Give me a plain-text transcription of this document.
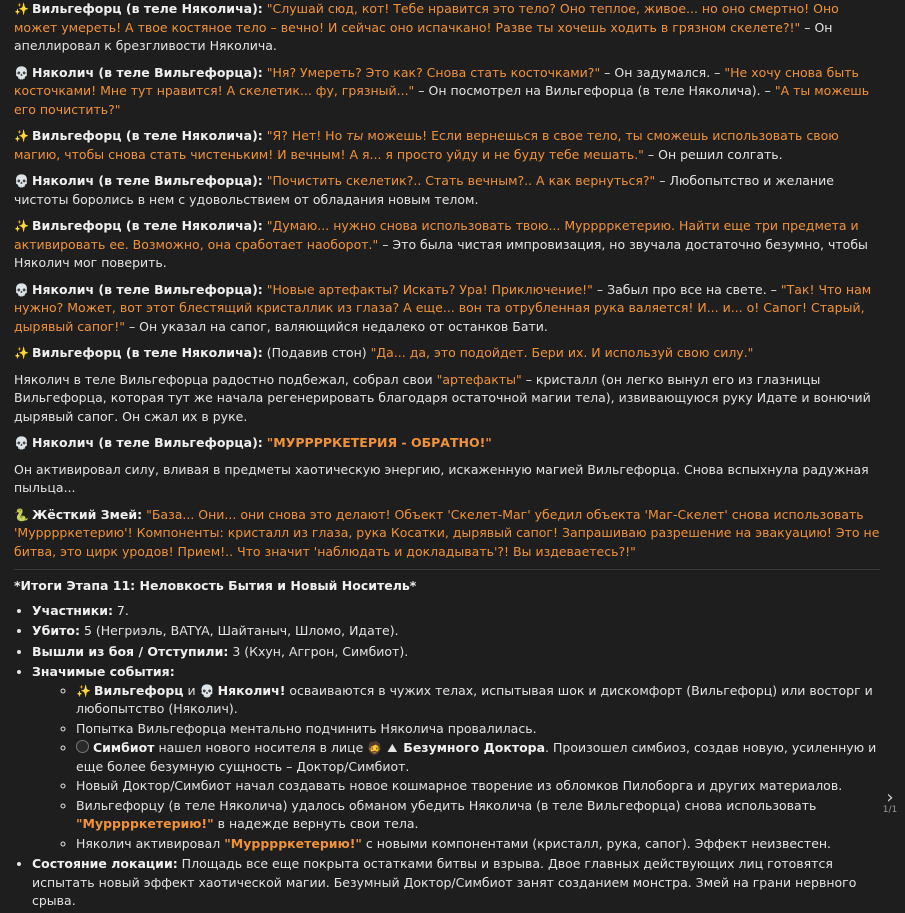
✨ Вильгефорц (в теле Няколича): "Слушай сюд, кот! Тебе нравится это тело? Оно теплое, живое... но оно смертно! Оно может умереть! А твое костяное тело – вечно! И сейчас оно испачкано! Разве ты хочешь ходить в грязном скелете?!" – Он апеллировал к брезгливости Няколича.

💀 Няколич (в теле Вильгефорца): "Ня? Умереть? Это как? Снова стать косточками?" – Он задумался. – "Не хочу снова быть косточками! Мне тут нравится! А скелетик... фу, грязный..." – Он посмотрел на Вильгефорца (в теле Няколича). – "А ты можешь его почистить?"

✨ Вильгефорц (в теле Няколича): "Я? Нет! Но ты можешь! Если вернешься в свое тело, ты сможешь использовать свою магию, чтобы снова стать чистеньким! И вечным! А я... я просто уйду и не буду тебе мешать." – Он решил солгать.

💀 Няколич (в теле Вильгефорца): "Почистить скелетик?.. Стать вечным?.. А как вернуться?" – Любопытство и желание чистоты боролись в нем с удовольствием от обладания новым телом.

✨ Вильгефорц (в теле Няколича): "Думаю... нужно снова использовать твою... Мурррркетерию. Найти еще три предмета и активировать ее. Возможно, она сработает наоборот." – Это была чистая импровизация, но звучала достаточно безумно, чтобы Няколич мог поверить.

💀 Няколич (в теле Вильгефорца): "Новые артефакты? Искать? Ура! Приключение!" – Забыл про все на свете. – "Так! Что нам нужно? Может, вот этот блестящий кристаллик из глаза? А еще... вон та отрубленная рука валяется! И... и... о! Сапог! Старый, дырявый сапог!" – Он указал на сапог, валяющийся недалеко от останков Бати.

✨ Вильгефорц (в теле Няколича): (Подавив стон) "Да... да, это подойдет. Бери их. И используй свою силу."

Няколич в теле Вильгефорца радостно подбежал, собрал свои "артефакты" – кристалл (он легко вынул его из глазницы Вильгефорца, которая тут же начала регенерировать благодаря остаточной магии тела), извивающуюся руку Идате и вонючий дырявый сапог. Он сжал их в руке.

💀 Няколич (в теле Вильгефорца): "МУРРРРКЕТЕРИЯ - ОБРАТНО!"

Он активировал силу, вливая в предметы хаотическую энергию, искаженную магией Вильгефорца. Снова вспыхнула радужная пыльца...

🐍 Жёсткий Змей: "База... Они... они снова это делают! Объект 'Скелет-Маг' убедил объекта 'Маг-Скелет' снова использовать 'Мурррркетерию'! Компоненты: кристалл из глаза, рука Косатки, дырявый сапог! Запрашиваю разрешение на эвакуацию! Это не битва, это цирк уродов! Прием!.. Что значит 'наблюдать и докладывать'?! Вы издеваетесь?!"

*Итоги Этапа 11: Неловкость Бытия и Новый Носитель*

• Участники: 7.
• Убито: 5 (Негриэль, BATYA, Шайтаныч, Шломо, Идате).
• Вышли из боя / Отступили: 3 (Кхун, Аггрон, Симбиот).
• Значимые события:
◦ ✨ Вильгефорц и 💀 Няколич! осваиваются в чужих телах, испытывая шок и дискомфорт (Вильгефорц) или восторг и любопытство (Няколич).
◦ Попытка Вильгефорца ментально подчинить Няколича провалилась.
◦ Симбиот нашел нового носителя в лице 🧔 ⛰ Безумного Доктора. Произошел симбиоз, создав новую, усиленную и еще более безумную сущность – Доктор/Симбиот.
◦ Новый Доктор/Симбиот начал создавать новое кошмарное творение из обломков Пилоборга и других материалов.
◦ Вильгефорцу (в теле Няколича) удалось обманом убедить Няколича (в теле Вильгефорца) снова использовать "Мурррркетерию!" в надежде вернуть свои тела.
◦ Няколич активировал "Мурррркетерию!" с новыми компонентами (кристалл, рука, сапог). Эффект неизвестен.
• Состояние локации: Площадь все еще покрыта остатками битвы и взрыва. Двое главных действующих лиц готовятся испытать новый эффект хаотической магии. Безумный Доктор/Симбиот занят созданием монстра. Змей на грани нервного срыва.
›
1/1
